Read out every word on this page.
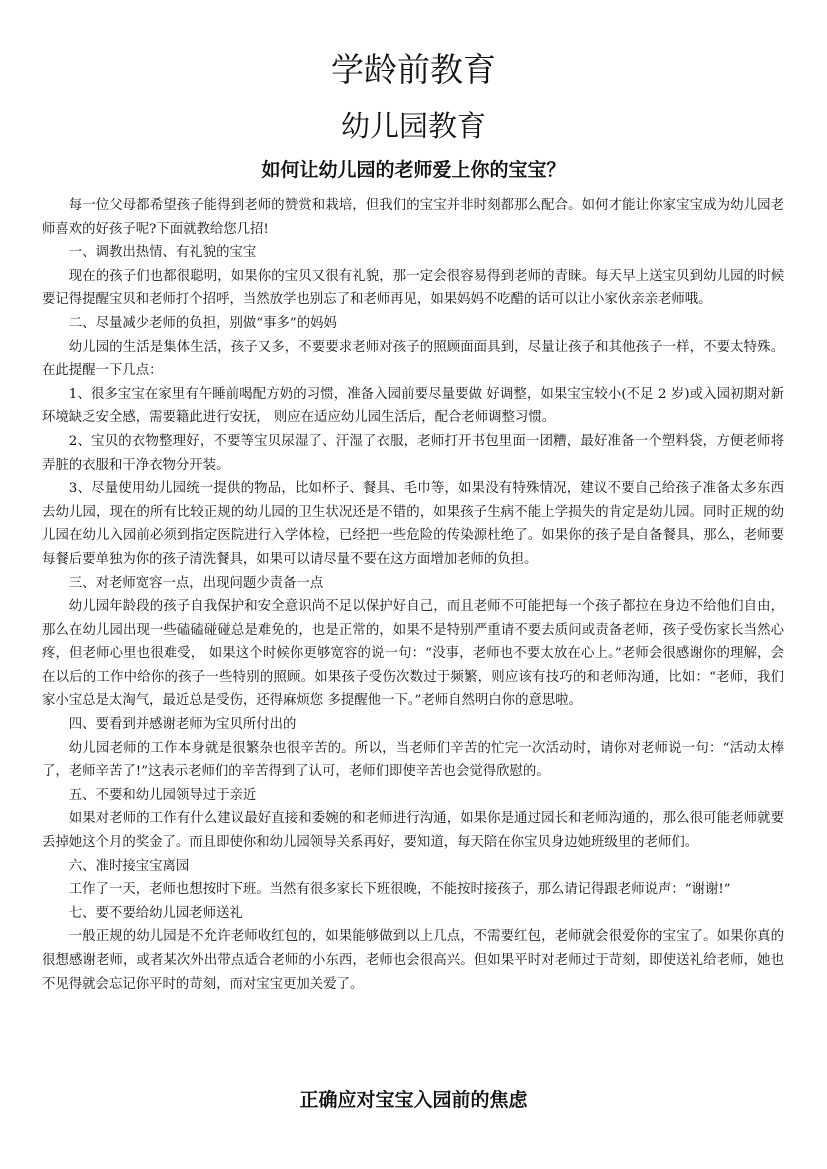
学龄前教育
幼儿园教育
如何让幼儿园的老师爱上你的宝宝？

每一位父母都希望孩子能得到老师的赞赏和栽培，但我们的宝宝并非时刻都那么配合。如何才能让你家宝宝成为幼儿园老师喜欢的好孩子呢?下面就教给您几招!

一、调教出热情、有礼貌的宝宝

现在的孩子们也都很聪明，如果你的宝贝又很有礼貌，那一定会很容易得到老师的青睐。每天早上送宝贝到幼儿园的时候要记得提醒宝贝和老师打个招呼，当然放学也别忘了和老师再见，如果妈妈不吃醋的话可以让小家伙亲亲老师哦。

二、尽量减少老师的负担，别做“事多”的妈妈

幼儿园的生活是集体生活，孩子又多，不要要求老师对孩子的照顾面面具到，尽量让孩子和其他孩子一样，不要太特殊。在此提醒一下几点：

1、很多宝宝在家里有午睡前喝配方奶的习惯，准备入园前要尽量要做 好调整，如果宝宝较小(不足 2 岁)或入园初期对新环境缺乏安全感，需要籍此进行安抚， 则应在适应幼儿园生活后，配合老师调整习惯。

2、宝贝的衣物整理好，不要等宝贝尿湿了、汗湿了衣服，老师打开书包里面一团糟，最好准备一个塑料袋，方便老师将弄脏的衣服和干净衣物分开装。

3、尽量使用幼儿园统一提供的物品，比如杯子、餐具、毛巾等，如果没有特殊情况，建议不要自己给孩子准备太多东西去幼儿园，现在的所有比较正规的幼儿园的卫生状况还是不错的，如果孩子生病不能上学损失的肯定是幼儿园。同时正规的幼儿园在幼儿入园前必须到指定医院进行入学体检，已经把一些危险的传染源杜绝了。如果你的孩子是自备餐具，那么，老师要每餐后要单独为你的孩子清洗餐具，如果可以请尽量不要在这方面增加老师的负担。

三、对老师宽容一点，出现问题少责备一点

幼儿园年龄段的孩子自我保护和安全意识尚不足以保护好自己，而且老师不可能把每一个孩子都拉在身边不给他们自由，那么在幼儿园出现一些磕磕碰碰总是难免的，也是正常的，如果不是特别严重请不要去质问或责备老师，孩子受伤家长当然心疼，但老师心里也很难受， 如果这个时候你更够宽容的说一句：“没事，老师也不要太放在心上。”老师会很感谢你的理解，会在以后的工作中给你的孩子一些特别的照顾。如果孩子受伤次数过于频繁，则应该有技巧的和老师沟通，比如：“老师，我们家小宝总是太淘气，最近总是受伤，还得麻烦您 多提醒他一下。”老师自然明白你的意思啦。

四、要看到并感谢老师为宝贝所付出的

幼儿园老师的工作本身就是很繁杂也很辛苦的。所以，当老师们辛苦的忙完一次活动时，请你对老师说一句：“活动太棒了，老师辛苦了!”这表示老师们的辛苦得到了认可，老师们即使辛苦也会觉得欣慰的。

五、不要和幼儿园领导过于亲近

如果对老师的工作有什么建议最好直接和委婉的和老师进行沟通，如果你是通过园长和老师沟通的，那么很可能老师就要丢掉她这个月的奖金了。而且即使你和幼儿园领导关系再好，要知道，每天陪在你宝贝身边她班级里的老师们。

六、准时接宝宝离园

工作了一天，老师也想按时下班。当然有很多家长下班很晚，不能按时接孩子，那么请记得跟老师说声：“谢谢!”

七、要不要给幼儿园老师送礼

一般正规的幼儿园是不允许老师收红包的，如果能够做到以上几点，不需要红包，老师就会很爱你的宝宝了。如果你真的很想感谢老师，或者某次外出带点适合老师的小东西，老师也会很高兴。但如果平时对老师过于苛刻，即使送礼给老师，她也不见得就会忘记你平时的苛刻，而对宝宝更加关爱了。

正确应对宝宝入园前的焦虑
